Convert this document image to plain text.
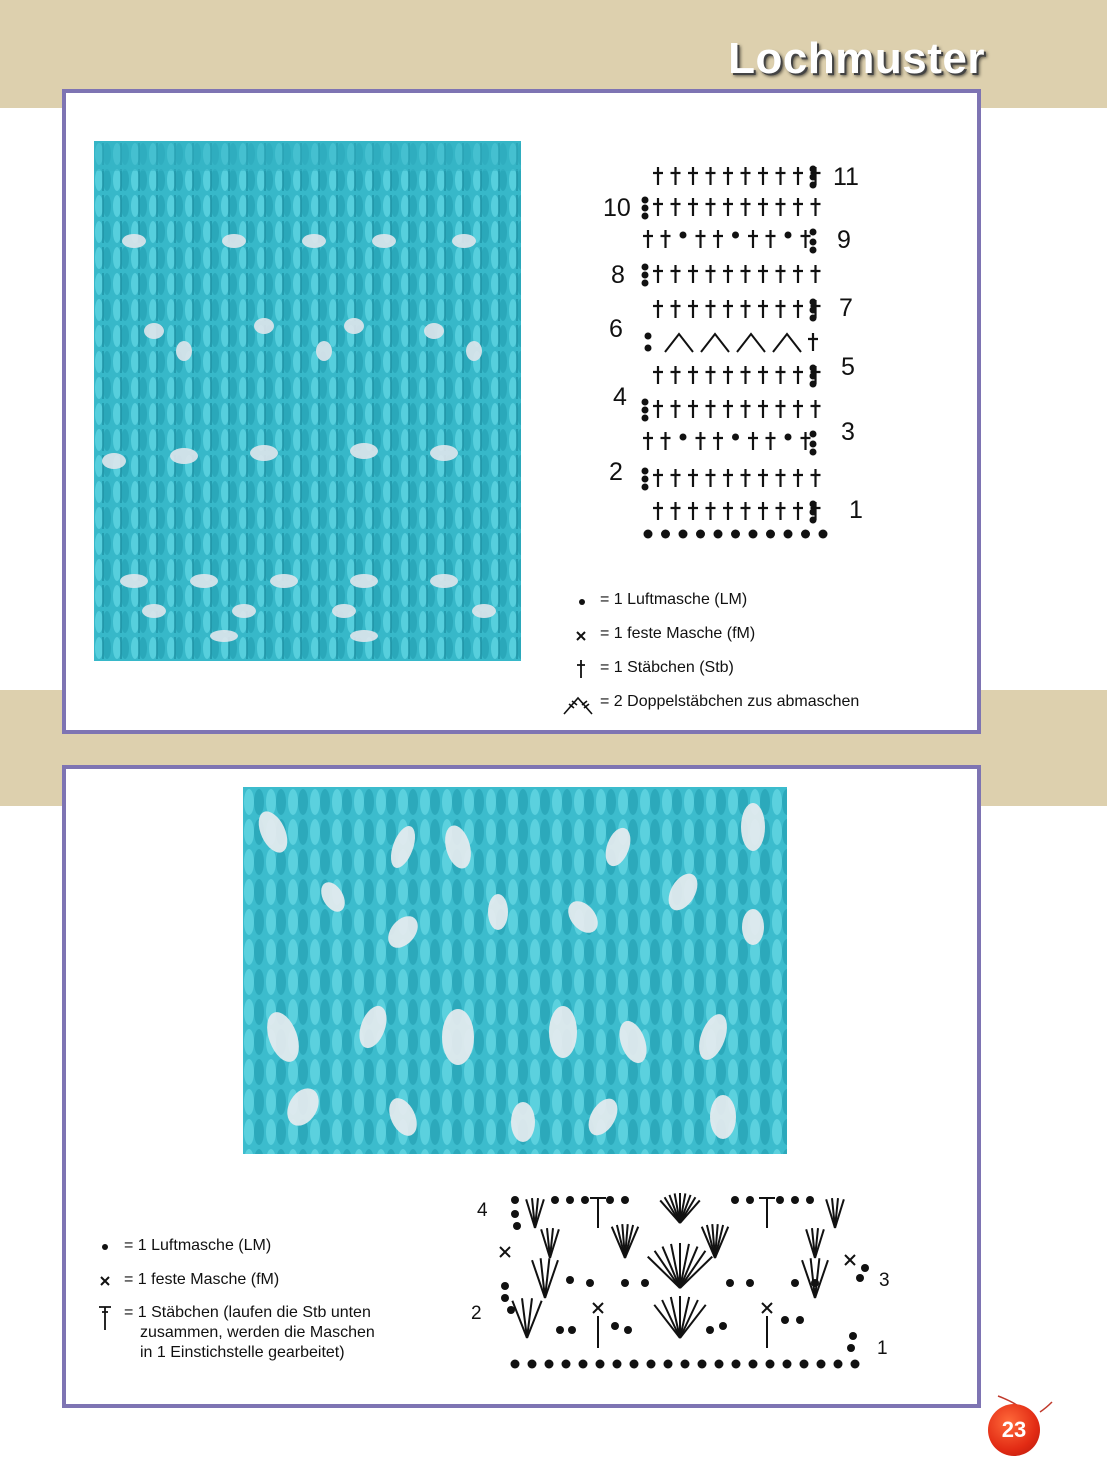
Lochmuster
10
8
6
4
2
11
9
7
5
3
1
= 1 Luftmasche (LM)
= 1 feste Masche (fM)
= 1 Stäbchen (Stb)
= 2 Doppelstäbchen zus abmaschen
= 1 Luftmasche (LM)
= 1 feste Masche (fM)
= 1 Stäbchen (laufen die Stb unten
zusammen, werden die Maschen
in 1 Einstichstelle gearbeitet)
4
3
2
1
23
